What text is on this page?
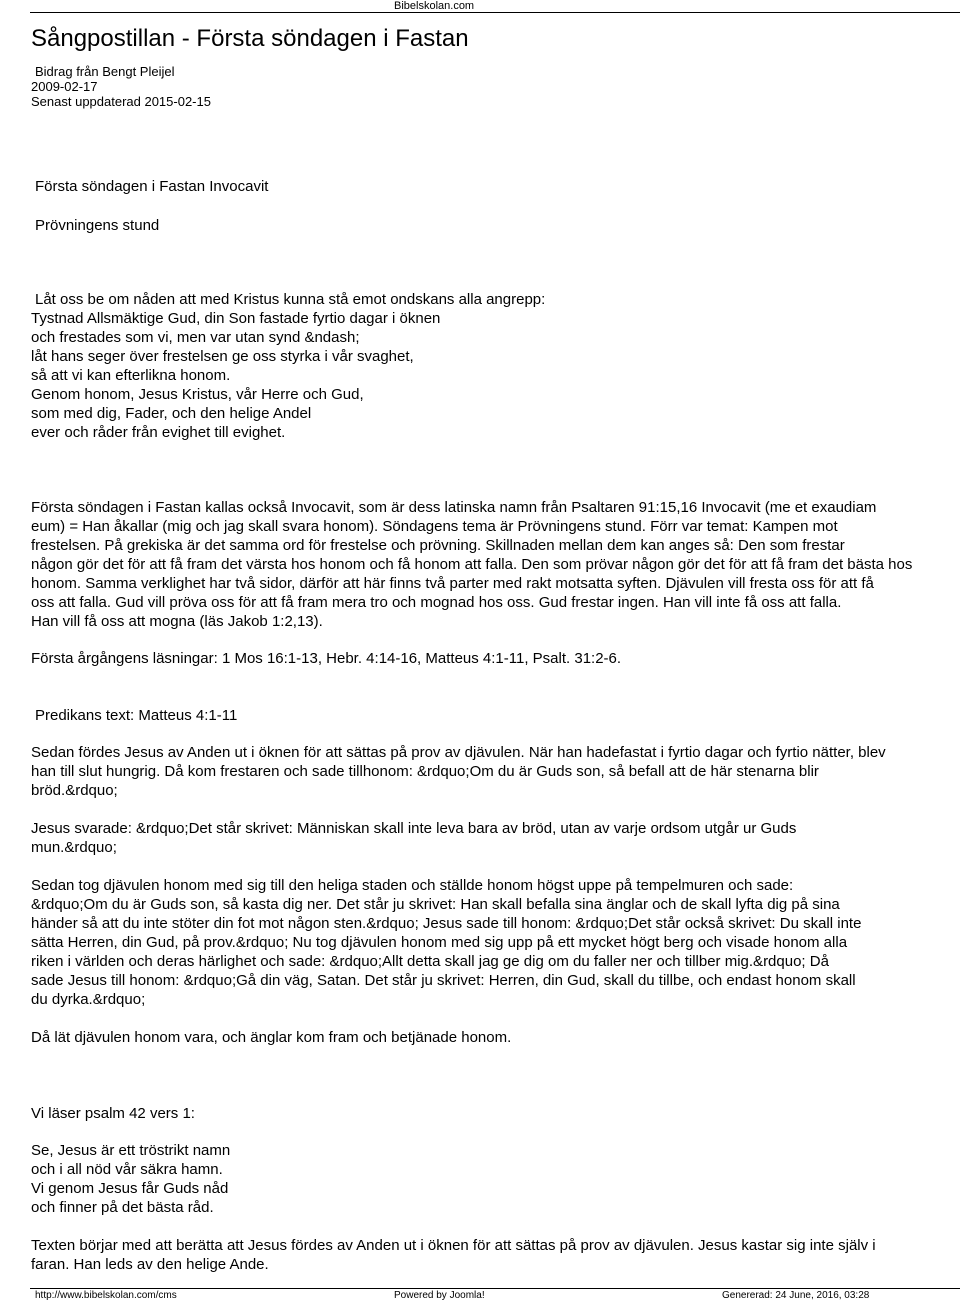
Bibelskolan.com
Sångpostillan - Första söndagen i Fastan
Bidrag från Bengt Pleijel
2009-02-17
Senast uppdaterad 2015-02-15
Första söndagen i Fastan Invocavit
Prövningens stund
Låt oss be om nåden att med Kristus kunna stå emot ondskans alla angrepp:
Tystnad Allsmäktige Gud, din Son fastade fyrtio dagar i öknen
och frestades som vi, men var utan synd &ndash;
låt hans seger över frestelsen ge oss styrka i vår svaghet,
så att vi kan efterlikna honom.
Genom honom, Jesus Kristus, vår Herre och Gud,
som med dig, Fader, och den helige Andel
ever och råder från evighet till evighet.
Första söndagen i Fastan kallas också Invocavit, som är dess latinska namn från Psaltaren 91:15,16 Invocavit (me et exaudiam
eum) = Han åkallar (mig och jag skall svara honom). Söndagens tema är Prövningens stund. Förr var temat: Kampen mot
frestelsen. På grekiska är det samma ord för frestelse och prövning. Skillnaden mellan dem kan anges så: Den som frestar
någon gör det för att få fram det värsta hos honom och få honom att falla. Den som prövar någon gör det för att få fram det bästa hos
honom. Samma verklighet har två sidor, därför att här finns två parter med rakt motsatta syften. Djävulen vill fresta oss för att få
oss att falla. Gud vill pröva oss för att få fram mera tro och mognad hos oss. Gud frestar ingen. Han vill inte få oss att falla.
Han vill få oss att mogna (läs Jakob 1:2,13).
Första årgångens läsningar: 1 Mos 16:1-13, Hebr. 4:14-16, Matteus 4:1-11, Psalt. 31:2-6.
Predikans text: Matteus 4:1-11
Sedan fördes Jesus av Anden ut i öknen för att sättas på prov av djävulen. När han hadefastat i fyrtio dagar och fyrtio nätter, blev
han till slut hungrig. Då kom frestaren och sade tillhonom: &rdquo;Om du är Guds son, så befall att de här stenarna blir
bröd.&rdquo;
Jesus svarade: &rdquo;Det står skrivet: Människan skall inte leva bara av bröd, utan av varje ordsom utgår ur Guds
mun.&rdquo;
Sedan tog djävulen honom med sig till den heliga staden och ställde honom högst uppe på tempelmuren och sade:
&rdquo;Om du är Guds son, så kasta dig ner. Det står ju skrivet: Han skall befalla sina änglar och de skall lyfta dig på sina
händer så att du inte stöter din fot mot någon sten.&rdquo; Jesus sade till honom: &rdquo;Det står också skrivet: Du skall inte
sätta Herren, din Gud, på prov.&rdquo; Nu tog djävulen honom med sig upp på ett mycket högt berg och visade honom alla
riken i världen och deras härlighet och sade: &rdquo;Allt detta skall jag ge dig om du faller ner och tillber mig.&rdquo; Då
sade Jesus till honom: &rdquo;Gå din väg, Satan. Det står ju skrivet: Herren, din Gud, skall du tillbe, och endast honom skall
du dyrka.&rdquo;
Då lät djävulen honom vara, och änglar kom fram och betjänade honom.
Vi läser psalm 42 vers 1:
Se, Jesus är ett tröstrikt namn
och i all nöd vår säkra hamn.
Vi genom Jesus får Guds nåd
och finner på det bästa råd.
Texten börjar med att berätta att Jesus fördes av Anden ut i öknen för att sättas på prov av djävulen. Jesus kastar sig inte själv i
faran. Han leds av den helige Ande.
http://www.bibelskolan.com/cms	Powered by Joomla!	Genererad: 24 June, 2016, 03:28
